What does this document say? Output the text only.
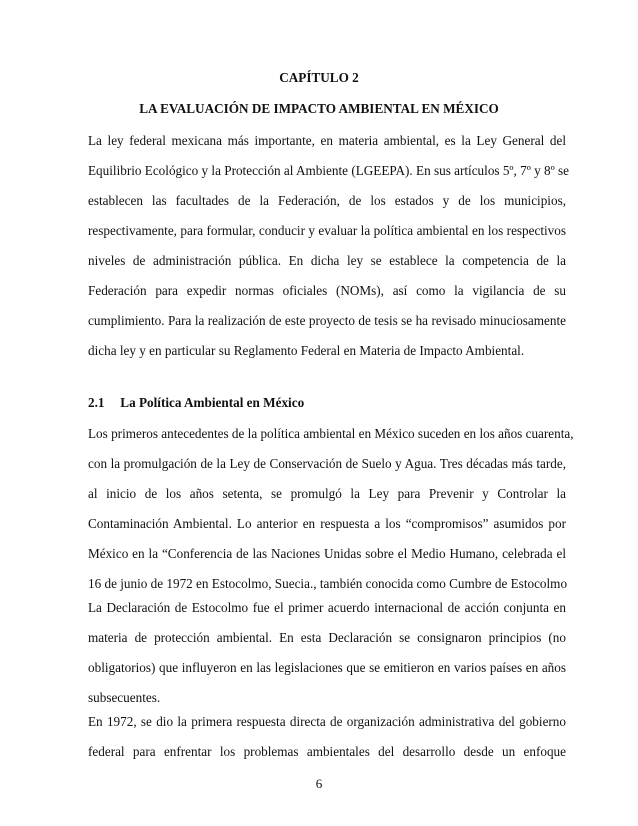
CAPÍTULO 2
LA EVALUACIÓN DE IMPACTO AMBIENTAL EN MÉXICO
La ley federal mexicana más importante, en materia ambiental, es la Ley General del
Equilibrio Ecológico y la Protección al Ambiente (LGEEPA). En sus artículos 5º, 7º y 8º se
establecen las facultades de la Federación, de los estados y de los municipios,
respectivamente, para formular, conducir y evaluar la política ambiental en los respectivos
niveles de administración pública. En dicha ley se establece la competencia de la
Federación para expedir normas oficiales (NOMs), así como la vigilancia de su
cumplimiento. Para la realización de este proyecto de tesis se ha revisado minuciosamente
dicha ley y en particular su Reglamento Federal en Materia de Impacto Ambiental.
2.1 La Política Ambiental en México
Los primeros antecedentes de la política ambiental en México suceden en los años cuarenta,
con la promulgación de la Ley de Conservación de Suelo y Agua. Tres décadas más tarde,
al inicio de los años setenta, se promulgó la Ley para Prevenir y Controlar la
Contaminación Ambiental. Lo anterior en respuesta a los “compromisos” asumidos por
México en la “Conferencia de las Naciones Unidas sobre el Medio Humano, celebrada el
16 de junio de 1972 en Estocolmo, Suecia., también conocida como Cumbre de Estocolmo
La Declaración de Estocolmo fue el primer acuerdo internacional de acción conjunta en
materia de protección ambiental. En esta Declaración se consignaron principios (no
obligatorios) que influyeron en las legislaciones que se emitieron en varios países en años
subsecuentes.
En 1972, se dio la primera respuesta directa de organización administrativa del gobierno
federal para enfrentar los problemas ambientales del desarrollo desde un enfoque
6
